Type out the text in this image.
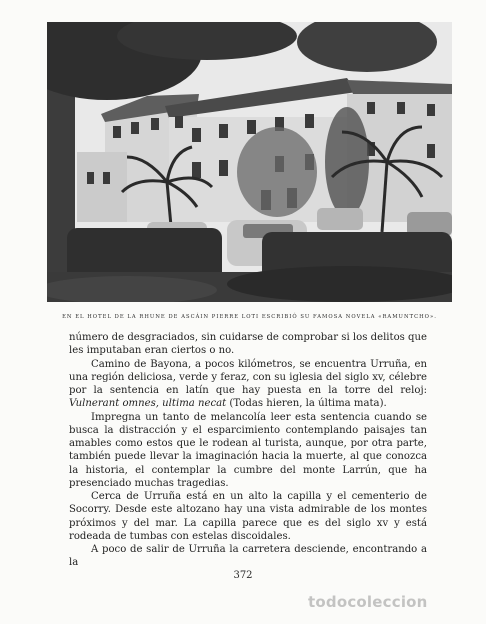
EN EL HOTEL DE LA RHUNE DE ASCÁIN PIERRE LOTI ESCRIBIÓ SU FAMOSA NOVELA «RAMUNTCHO».

número de desgraciados, sin cuidarse de comprobar si los delitos que les imputaban eran ciertos o no.

Camino de Bayona, a pocos kilómetros, se encuentra Urruña, en una región deliciosa, verde y feraz, con su iglesia del siglo xv, célebre por la sentencia en latín que hay puesta en la torre del reloj: Vulnerant omnes, ultima necat (Todas hieren, la última mata).

Impregna un tanto de melancolía leer esta sentencia cuando se busca la distracción y el esparcimiento contemplando paisajes tan amables como estos que le rodean al turista, aunque, por otra parte, también puede llevar la imaginación hacia la muerte, al que conozca la historia, el contemplar la cumbre del monte Larrún, que ha presenciado muchas tragedias.

Cerca de Urruña está en un alto la capilla y el cementerio de Socorry. Desde este altozano hay una vista admirable de los montes próximos y del mar. La capilla parece que es del siglo xv y está rodeada de tumbas con estelas discoidales.

A poco de salir de Urruña la carretera desciende, encontrando a la

372
todocoleccion
